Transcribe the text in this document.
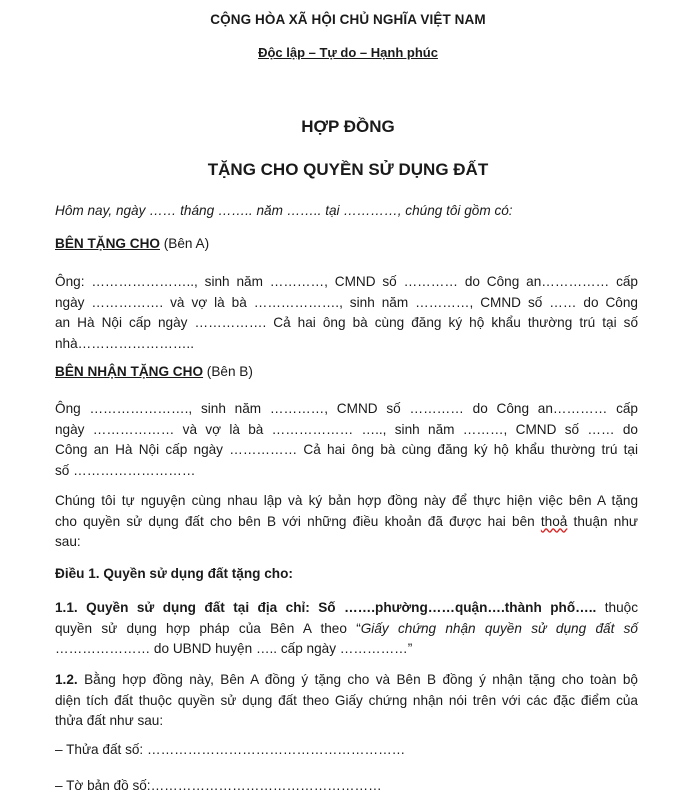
CỘNG HÒA XÃ HỘI CHỦ NGHĨA VIỆT NAM
Độc lập – Tự do – Hạnh phúc
HỢP ĐỒNG
TẶNG CHO QUYỀN SỬ DỤNG ĐẤT
Hôm nay, ngày …… tháng …….. năm …….. tại …………, chúng tôi gồm có:
BÊN TẶNG CHO (Bên A)
Ông: ………………….., sinh năm …………, CMND số ………… do Công an…………… cấp
ngày ……………. và vợ là bà ………………., sinh năm …………, CMND số …… do Công
an Hà Nội cấp ngày ……………. Cả hai ông bà cùng đăng ký hộ khẩu thường trú tại số
nhà……………………..
BÊN NHẬN TẶNG CHO (Bên B)
Ông …………………., sinh năm …………, CMND số ………… do Công an………… cấp
ngày ……………… và vợ là bà ……………… ….., sinh năm ………, CMND số …… do
Công an Hà Nội cấp ngày …………… Cả hai ông bà cùng đăng ký hộ khẩu thường trú tại
số ………………………
Chúng tôi tự nguyện cùng nhau lập và ký bản hợp đồng này để thực hiện việc bên A tặng
cho quyền sử dụng đất cho bên B với những điều khoản đã được hai bên thoả thuận như
sau:
Điều 1. Quyền sử dụng đất tặng cho:
1.1. Quyền sử dụng đất tại địa chỉ: Số …….phường……quận….thành phố….. thuộc
quyền sử dụng hợp pháp của Bên A theo “Giấy chứng nhận quyền sử dụng đất số
………………… do UBND huyện ….. cấp ngày ……………”
1.2. Bằng hợp đồng này, Bên A đồng ý tặng cho và Bên B đồng ý nhận tặng cho toàn bộ
diện tích đất thuộc quyền sử dụng đất theo Giấy chứng nhận nói trên với các đặc điểm của
thửa đất như sau:
– Thửa đất số: …………………………………………………
– Tờ bản đồ số:……………………………………………
